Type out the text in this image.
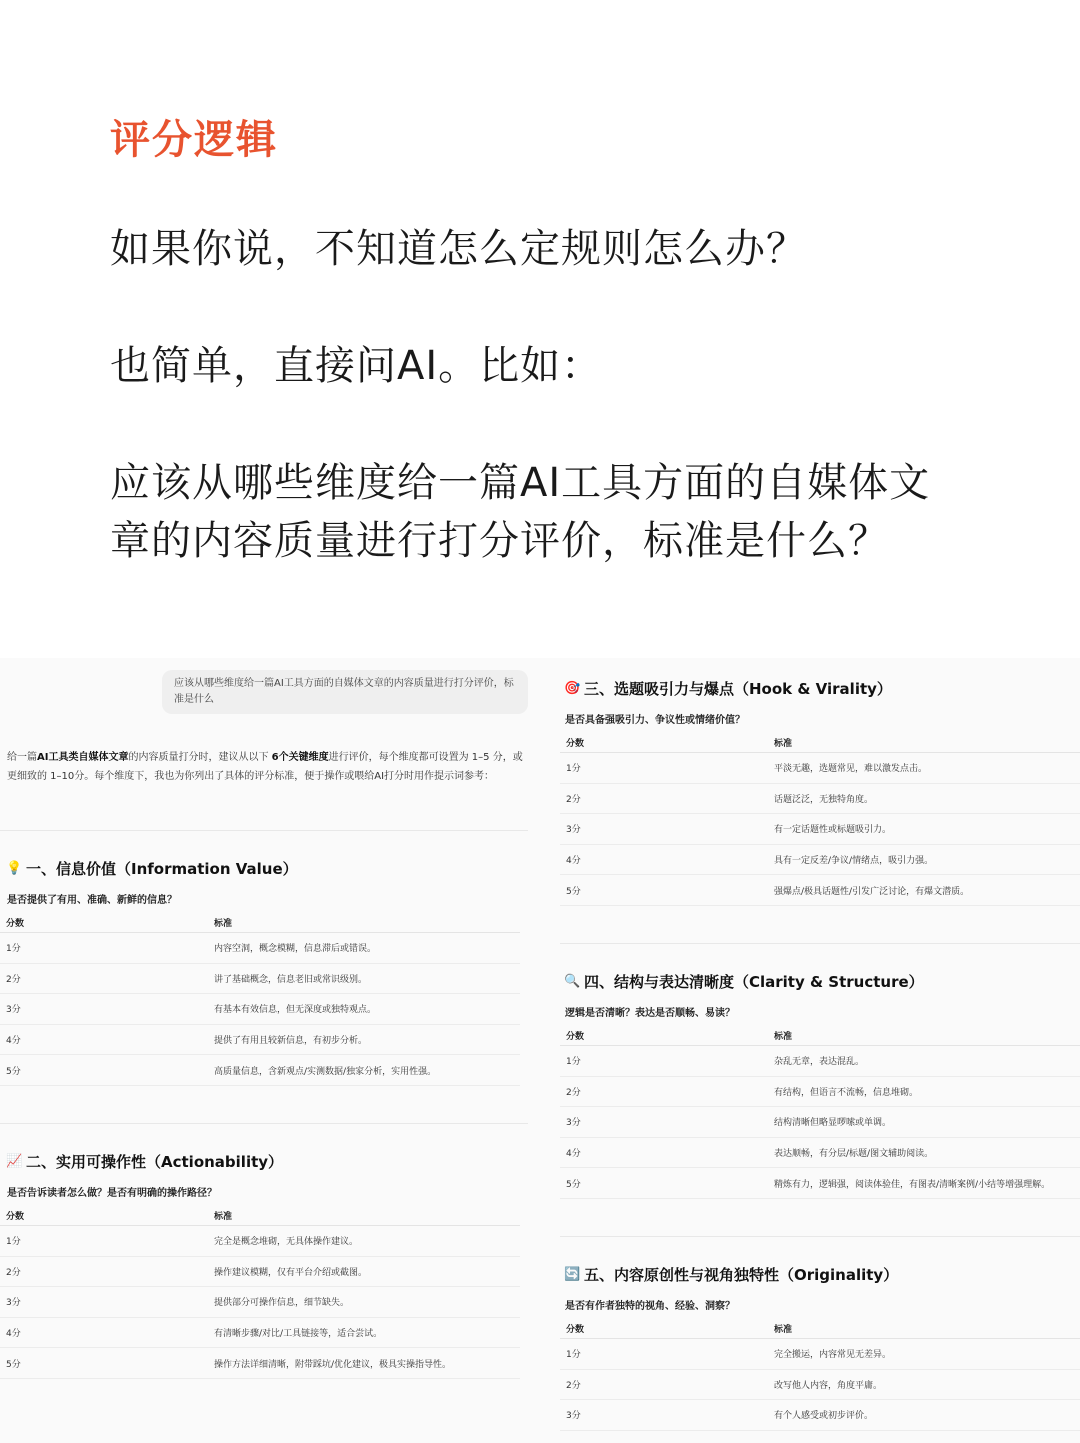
评分逻辑
如果你说，不知道怎么定规则怎么办？
也简单，直接问AI。比如：
应该从哪些维度给一篇AI工具方面的自媒体文章的内容质量进行打分评价，标准是什么？
应该从哪些维度给一篇AI工具方面的自媒体文章的内容质量进行打分评价，标准是什么
给一篇AI工具类自媒体文章的内容质量打分时，建议从以下 6个关键维度进行评价，每个维度都可设置为 1–5 分，或更细致的 1–10分。每个维度下，我也为你列出了具体的评分标准，便于操作或喂给AI打分时用作提示词参考：
💡 一、信息价值（Information Value）
是否提供了有用、准确、新鲜的信息？
分数	标准
1分	内容空洞，概念模糊，信息滞后或错误。
2分	讲了基础概念，信息老旧或常识级别。
3分	有基本有效信息，但无深度或独特观点。
4分	提供了有用且较新信息，有初步分析。
5分	高质量信息，含新观点/实测数据/独家分析，实用性强。
📈 二、实用可操作性（Actionability）
是否告诉读者怎么做？是否有明确的操作路径？
分数	标准
1分	完全是概念堆砌，无具体操作建议。
2分	操作建议模糊，仅有平台介绍或截图。
3分	提供部分可操作信息，细节缺失。
4分	有清晰步骤/对比/工具链接等，适合尝试。
5分	操作方法详细清晰，附带踩坑/优化建议，极具实操指导性。
🎯 三、选题吸引力与爆点（Hook & Virality）
是否具备强吸引力、争议性或情绪价值？
分数	标准
1分	平淡无趣，选题常见，难以激发点击。
2分	话题泛泛，无独特角度。
3分	有一定话题性或标题吸引力。
4分	具有一定反差/争议/情绪点，吸引力强。
5分	强爆点/极具话题性/引发广泛讨论，有爆文潜质。
🔍 四、结构与表达清晰度（Clarity & Structure）
逻辑是否清晰？表达是否顺畅、易读？
分数	标准
1分	杂乱无章，表达混乱。
2分	有结构，但语言不流畅，信息堆砌。
3分	结构清晰但略显啰嗦或单调。
4分	表达顺畅，有分层/标题/图文辅助阅读。
5分	精炼有力，逻辑强，阅读体验佳，有图表/清晰案例/小结等增强理解。
🔄 五、内容原创性与视角独特性（Originality）
是否有作者独特的视角、经验、洞察？
分数	标准
1分	完全搬运，内容常见无差异。
2分	改写他人内容，角度平庸。
3分	有个人感受或初步评价。
